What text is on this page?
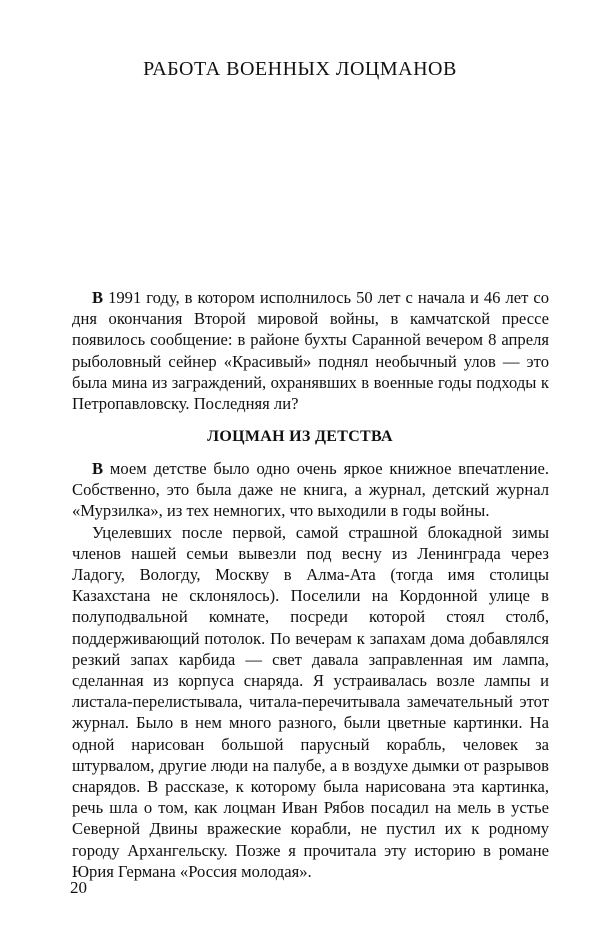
РАБОТА ВОЕННЫХ ЛОЦМАНОВ

В 1991 году, в котором исполнилось 50 лет с начала и 46 лет со дня окончания Второй мировой войны, в камчатской прессе появилось сообщение: в районе бухты Саранной вечером 8 апреля рыболовный сейнер «Красивый» поднял необычный улов — это была мина из заграждений, охранявших в военные годы подходы к Петропавловску. Последняя ли?

ЛОЦМАН ИЗ ДЕТСТВА

В моем детстве было одно очень яркое книжное впечатление. Собственно, это была даже не книга, а журнал, детский журнал «Мурзилка», из тех немногих, что выходили в годы войны.

Уцелевших после первой, самой страшной блокадной зимы членов нашей семьи вывезли под весну из Ленинграда через Ладогу, Вологду, Москву в Алма-Ата (тогда имя столицы Казахстана не склонялось). Поселили на Кордонной улице в полуподвальной комнате, посреди которой стоял столб, поддерживающий потолок. По вечерам к запахам дома добавлялся резкий запах карбида — свет давала заправленная им лампа, сделанная из корпуса снаряда. Я устраивалась возле лампы и листала-перелистывала, читала-перечитывала замечательный этот журнал. Было в нем много разного, были цветные картинки. На одной нарисован большой парусный корабль, человек за штурвалом, другие люди на палубе, а в воздухе дымки от разрывов снарядов. В рассказе, к которому была нарисована эта картинка, речь шла о том, как лоцман Иван Рябов посадил на мель в устье Северной Двины вражеские корабли, не пустил их к родному городу Архангельску. Позже я прочитала эту историю в романе Юрия Германа «Россия молодая».

20
